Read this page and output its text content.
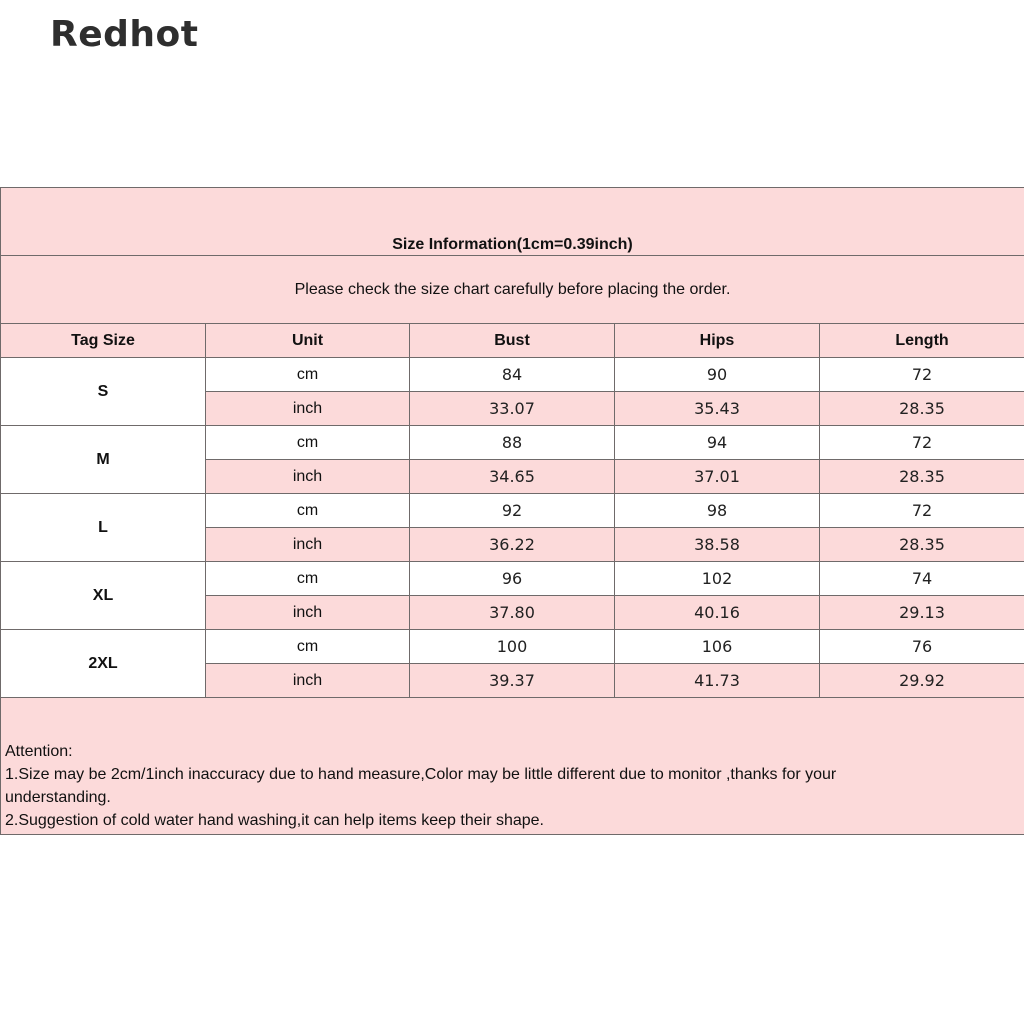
Redhot
Size Information(1cm=0.39inch)				
Please check the size chart carefully before placing the order.				
Tag Size	Unit	Bust	Hips	Length
S	cm	84	90	72
	inch	33.07	35.43	28.35
M	cm	88	94	72
	inch	34.65	37.01	28.35
L	cm	92	98	72
	inch	36.22	38.58	28.35
XL	cm	96	102	74
	inch	37.80	40.16	29.13
2XL	cm	100	106	76
	inch	39.37	41.73	29.92

Attention:
1.Size may be 2cm/1inch inaccuracy due to hand measure,Color may be little different due to monitor ,thanks for your understanding.
2.Suggestion of cold water hand washing,it can help items keep their shape.				
